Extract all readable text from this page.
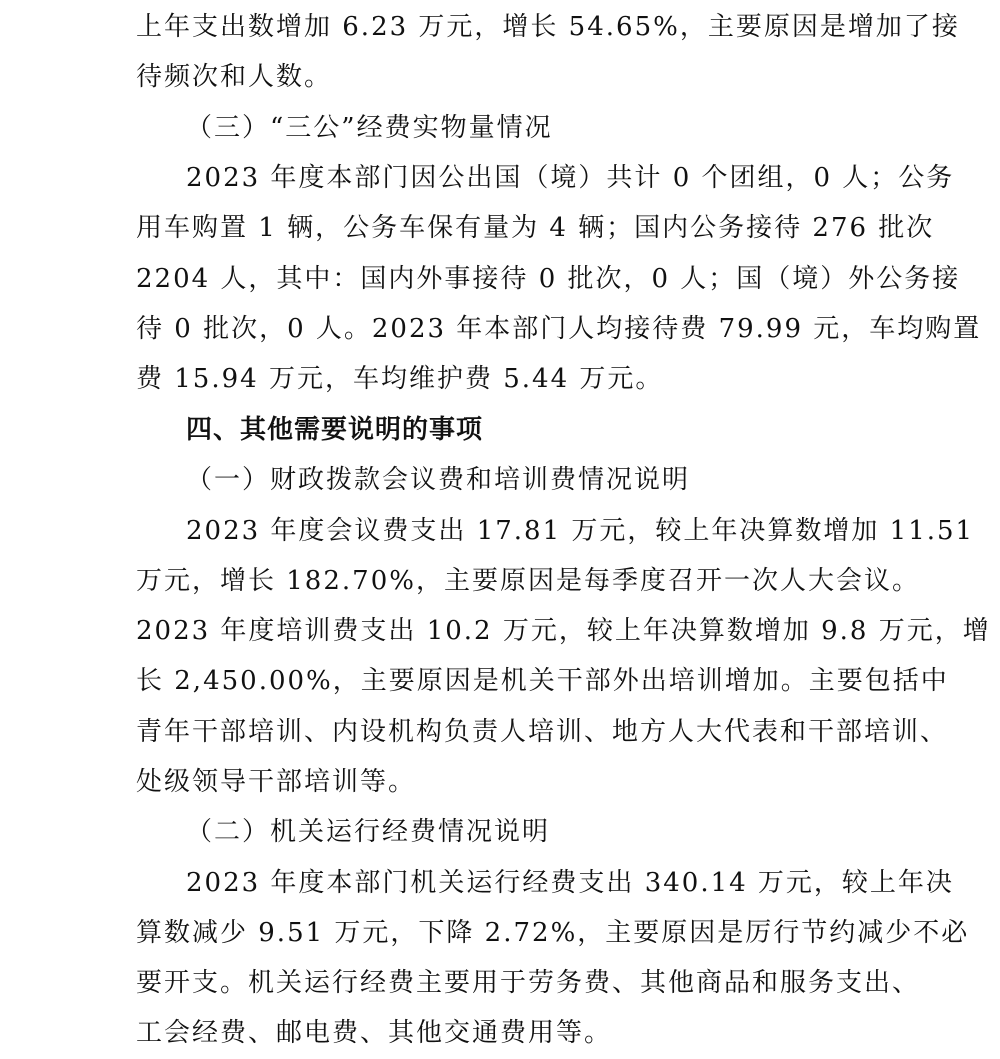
上年支出数增加 6.23 万元，增长 54.65%，主要原因是增加了接
待频次和人数。
（三）“三公”经费实物量情况
2023 年度本部门因公出国（境）共计 0 个团组，0 人；公务
用车购置 1 辆，公务车保有量为 4 辆；国内公务接待 276 批次
2204 人，其中：国内外事接待 0 批次，0 人；国（境）外公务接
待 0 批次，0 人。2023 年本部门人均接待费 79.99 元，车均购置
费 15.94 万元，车均维护费 5.44 万元。
四、其他需要说明的事项
（一）财政拨款会议费和培训费情况说明
2023 年度会议费支出 17.81 万元，较上年决算数增加 11.51
万元，增长 182.70%，主要原因是每季度召开一次人大会议。
2023 年度培训费支出 10.2 万元，较上年决算数增加 9.8 万元，增
长 2,450.00%，主要原因是机关干部外出培训增加。主要包括中
青年干部培训、内设机构负责人培训、地方人大代表和干部培训、
处级领导干部培训等。
（二）机关运行经费情况说明
2023 年度本部门机关运行经费支出 340.14 万元，较上年决
算数减少 9.51 万元，下降 2.72%，主要原因是厉行节约减少不必
要开支。机关运行经费主要用于劳务费、其他商品和服务支出、
工会经费、邮电费、其他交通费用等。
